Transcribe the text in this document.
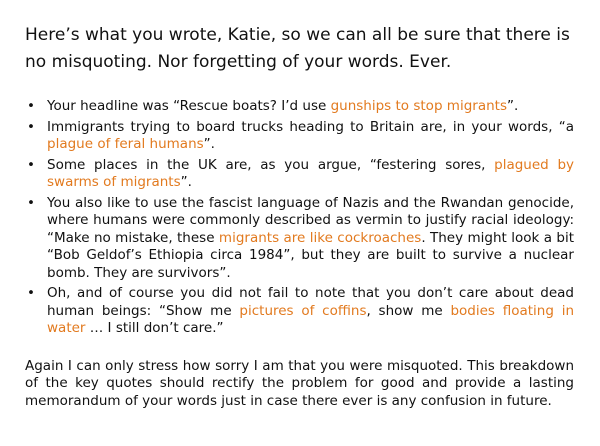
Here’s what you wrote, Katie, so we can all be sure that there is no misquoting. Nor forgetting of your words. Ever.

• Your headline was “Rescue boats? I’d use gunships to stop migrants”.
• Immigrants trying to board trucks heading to Britain are, in your words, “a plague of feral humans”.
• Some places in the UK are, as you argue, “festering sores, plagued by swarms of migrants”.
• You also like to use the fascist language of Nazis and the Rwandan genocide, where humans were commonly described as vermin to justify racial ideology: “Make no mistake, these migrants are like cockroaches. They might look a bit “Bob Geldof’s Ethiopia circa 1984”, but they are built to survive a nuclear bomb. They are survivors”.
• Oh, and of course you did not fail to note that you don’t care about dead human beings: “Show me pictures of coffins, show me bodies floating in water … I still don’t care.”

Again I can only stress how sorry I am that you were misquoted. This breakdown of the key quotes should rectify the problem for good and provide a lasting memorandum of your words just in case there ever is any confusion in future.
